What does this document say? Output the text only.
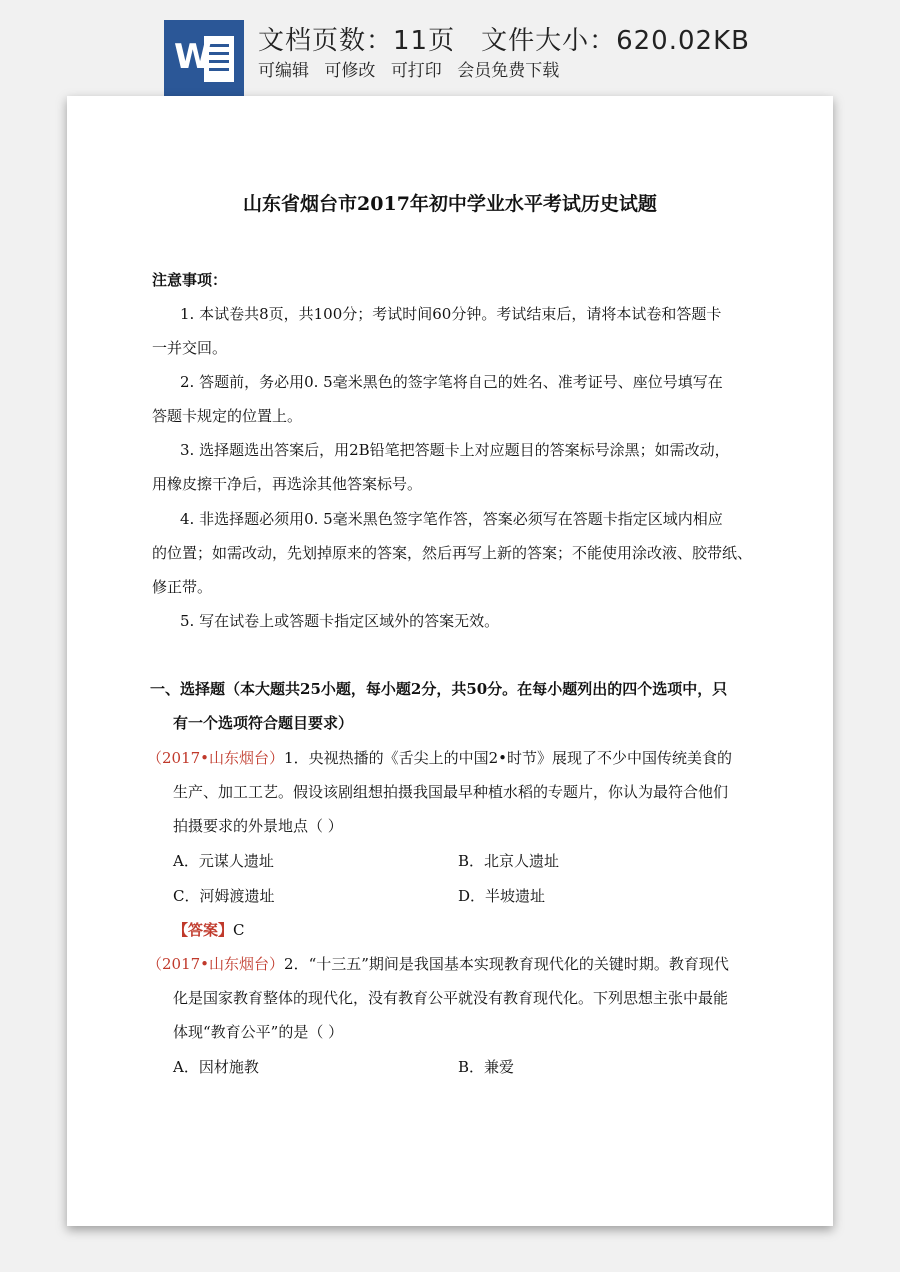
W 文档页数：11页 文件大小：620.02KB
可编辑 可修改 可打印 会员免费下载
山东省烟台市2017年初中学业水平考试历史试题
注意事项：
1. 本试卷共8页，共100分；考试时间60分钟。考试结束后，请将本试卷和答题卡
一并交回。
2. 答题前，务必用0. 5毫米黑色的签字笔将自己的姓名、准考证号、座位号填写在
答题卡规定的位置上。
3. 选择题选出答案后，用2B铅笔把答题卡上对应题目的答案标号涂黑；如需改动，
用橡皮擦干净后，再选涂其他答案标号。
4. 非选择题必须用0. 5毫米黑色签字笔作答，答案必须写在答题卡指定区域内相应
的位置；如需改动，先划掉原来的答案，然后再写上新的答案；不能使用涂改液、胶带纸、
修正带。
5. 写在试卷上或答题卡指定区域外的答案无效。
一、选择题（本大题共25小题，每小题2分，共50分。在每小题列出的四个选项中，只
有一个选项符合题目要求）
（2017•山东烟台）1．央视热播的《舌尖上的中国2•时节》展现了不少中国传统美食的
生产、加工工艺。假设该剧组想拍摄我国最早种植水稻的专题片，你认为最符合他们
拍摄要求的外景地点（ ）
A．元谋人遗址	B．北京人遗址
C．河姆渡遗址	D．半坡遗址
【答案】C
（2017•山东烟台）2．“十三五”期间是我国基本实现教育现代化的关键时期。教育现代
化是国家教育整体的现代化，没有教育公平就没有教育现代化。下列思想主张中最能
体现“教育公平”的是（ ）
A．因材施教	B．兼爱
